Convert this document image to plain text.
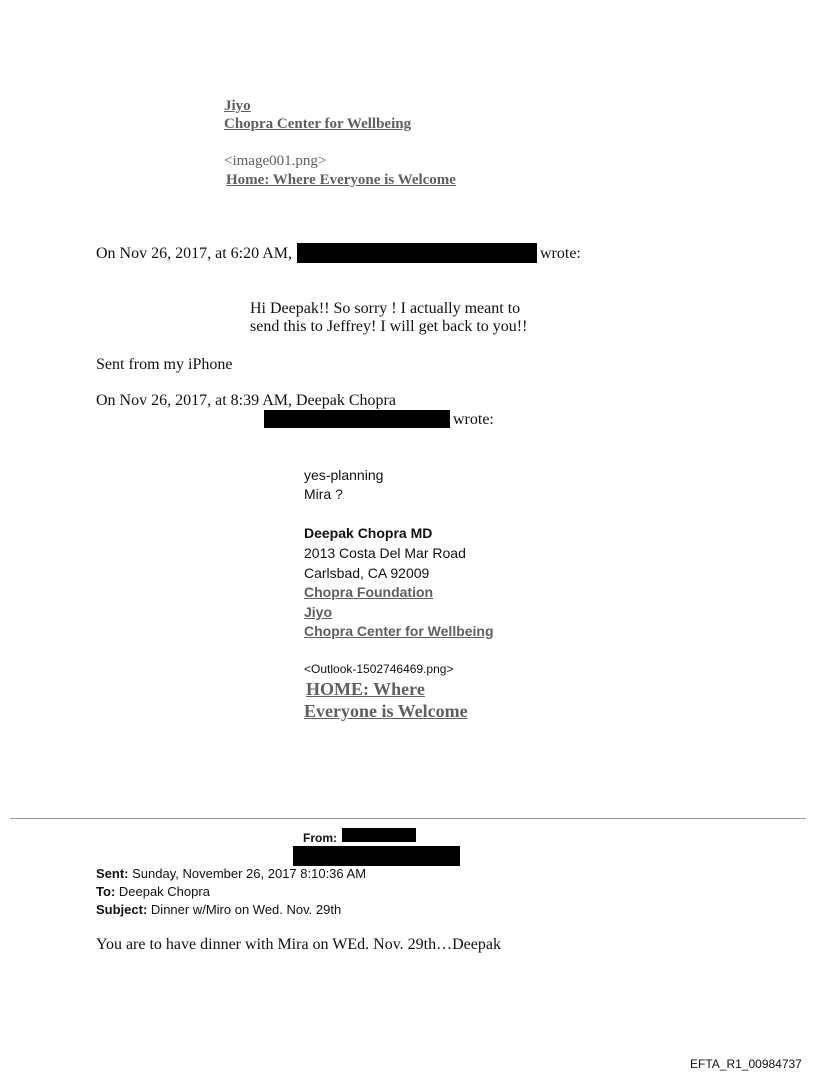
Jiyo
Chopra Center for Wellbeing
<image001.png>
Home: Where Everyone is Welcome
On Nov 26, 2017, at 6:20 AM,	wrote:
Hi Deepak!! So sorry ! I actually meant to
send this to Jeffrey! I will get back to you!!
Sent from my iPhone
On Nov 26, 2017, at 8:39 AM, Deepak Chopra
wrote:
yes-planning
Mira ?
Deepak Chopra MD
2013 Costa Del Mar Road
Carlsbad, CA 92009
Chopra Foundation
Jiyo
Chopra Center for Wellbeing
<Outlook-1502746469.png>
HOME: Where
Everyone is Welcome
From:
Sent: Sunday, November 26, 2017 8:10:36 AM
To: Deepak Chopra
Subject: Dinner w/Miro on Wed. Nov. 29th
You are to have dinner with Mira on WEd. Nov. 29th…Deepak
EFTA_R1_00984737
